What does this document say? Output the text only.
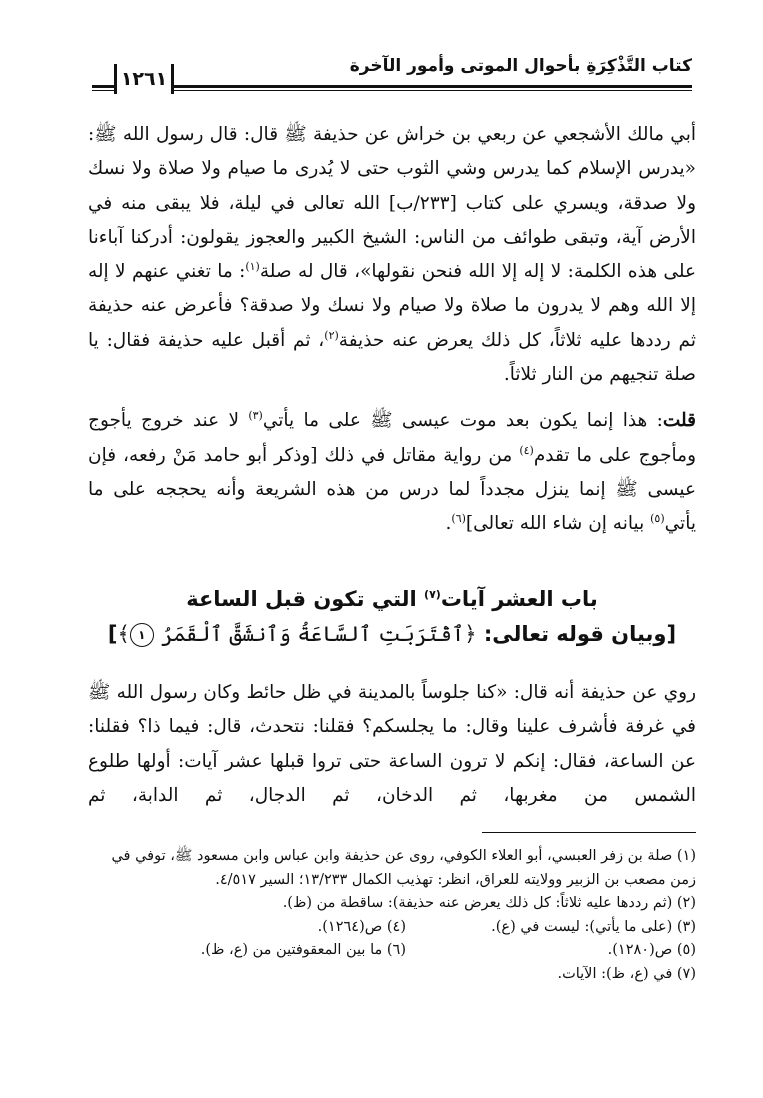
كتاب التَّذْكِرَةِ بأحوال الموتى وأمور الآخرة
١٢٦١

أبي مالك الأشجعي عن ربعي بن خراش عن حذيفة ﷺ قال: قال رسول الله ﷺ: «يدرس الإسلام كما يدرس وشي الثوب حتى لا يُدرى ما صيام ولا صلاة ولا نسك ولا صدقة، ويسري على كتاب [٢٣٣/ب] الله تعالى في ليلة، فلا يبقى منه في الأرض آية، وتبقى طوائف من الناس: الشيخ الكبير والعجوز يقولون: أدركنا آباءنا على هذه الكلمة: لا إله إلا الله فنحن نقولها»، قال له صلة$^{(١)}$: ما تغني عنهم لا إله إلا الله وهم لا يدرون ما صلاة ولا صيام ولا نسك ولا صدقة؟ فأعرض عنه حذيفة ثم رددها عليه ثلاثاً، كل ذلك يعرض عنه حذيفة$^{(٢)}$، ثم أقبل عليه حذيفة فقال: يا صلة تنجيهم من النار ثلاثاً.

قلت: هذا إنما يكون بعد موت عيسى ﷺ على ما يأتي$^{(٣)}$ لا عند خروج يأجوج ومأجوج على ما تقدم$^{(٤)}$ من رواية مقاتل في ذلك [وذكر أبو حامد مَنْ رفعه، فإن عيسى ﷺ إنما ينزل مجدداً لما درس من هذه الشريعة وأنه يحججه على ما يأتي$^{(٥)}$ بيانه إن شاء الله تعالى]$^{(٦)}$.

باب العشر آيات$^{(٧)}$ التي تكون قبل الساعة
[وبيان قوله تعالى: ﴿ٱقْتَرَبَتِ ٱلسَّاعَةُ وَٱنشَقَّ ٱلْقَمَرُ ١﴾]
روي عن حذيفة أنه قال: «كنا جلوساً بالمدينة في ظل حائط وكان رسول الله ﷺ في غرفة فأشرف علينا وقال: ما يجلسكم؟ فقلنا: نتحدث، قال: فيما ذا؟ فقلنا: عن الساعة، فقال: إنكم لا ترون الساعة حتى تروا قبلها عشر آيات: أولها طلوع الشمس من مغربها، ثم الدخان، ثم الدجال، ثم الدابة، ثم

(١) صلة بن زفر العبسي، أبو العلاء الكوفي، روى عن حذيفة وابن عباس وابن مسعود ﷺ، توفي في زمن مصعب بن الزبير وولايته للعراق، انظر: تهذيب الكمال ١٣/٢٣٣؛ السير ٤/٥١٧.

(٢) (ثم رددها عليه ثلاثاً: كل ذلك يعرض عنه حذيفة): ساقطة من (ظ).

(٣) (على ما يأتي): ليست في (ع).
(٤) ص(١٢٦٤).
(٥) ص(١٢٨٠).
(٦) ما بين المعقوفتين من (ع، ظ).

(٧) في (ع، ظ): الآيات.
